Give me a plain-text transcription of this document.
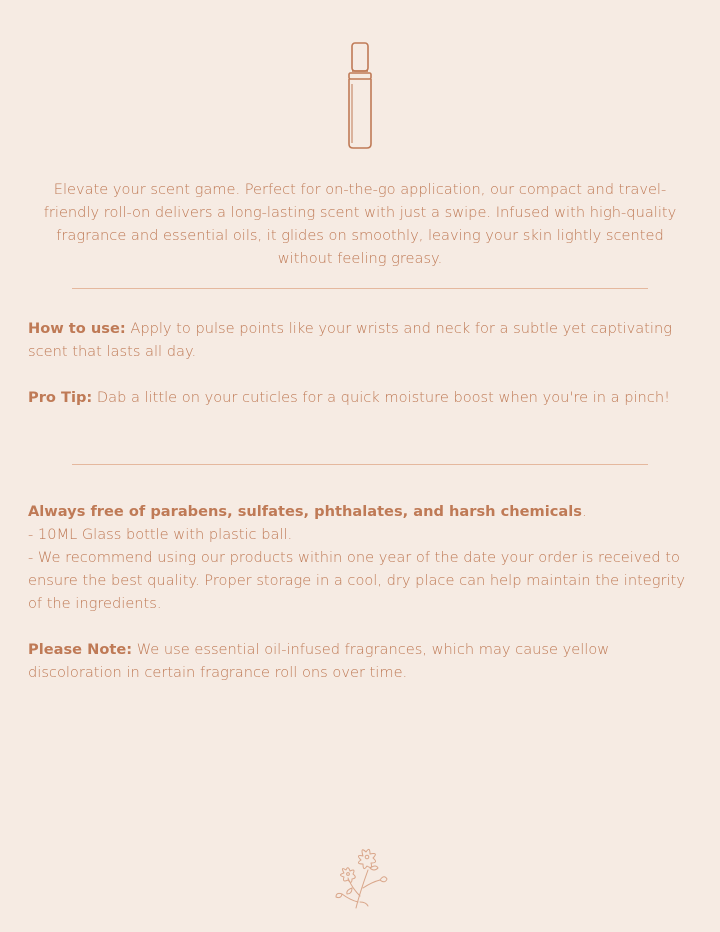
Elevate your scent game. Perfect for on-the-go application, our compact and travel-friendly roll-on delivers a long-lasting scent with just a swipe. Infused with high-quality fragrance and essential oils, it glides on smoothly, leaving your skin lightly scented without feeling greasy.

How to use: Apply to pulse points like your wrists and neck for a subtle yet captivating scent that lasts all day.

Pro Tip: Dab a little on your cuticles for a quick moisture boost when you're in a pinch!

Always free of parabens, sulfates, phthalates, and harsh chemicals.
- 10ML Glass bottle with plastic ball.
- We recommend using our products within one year of the date your order is received to ensure the best quality. Proper storage in a cool, dry place can help maintain the integrity of the ingredients.

Please Note: We use essential oil-infused fragrances, which may cause yellow discoloration in certain fragrance roll ons over time.
